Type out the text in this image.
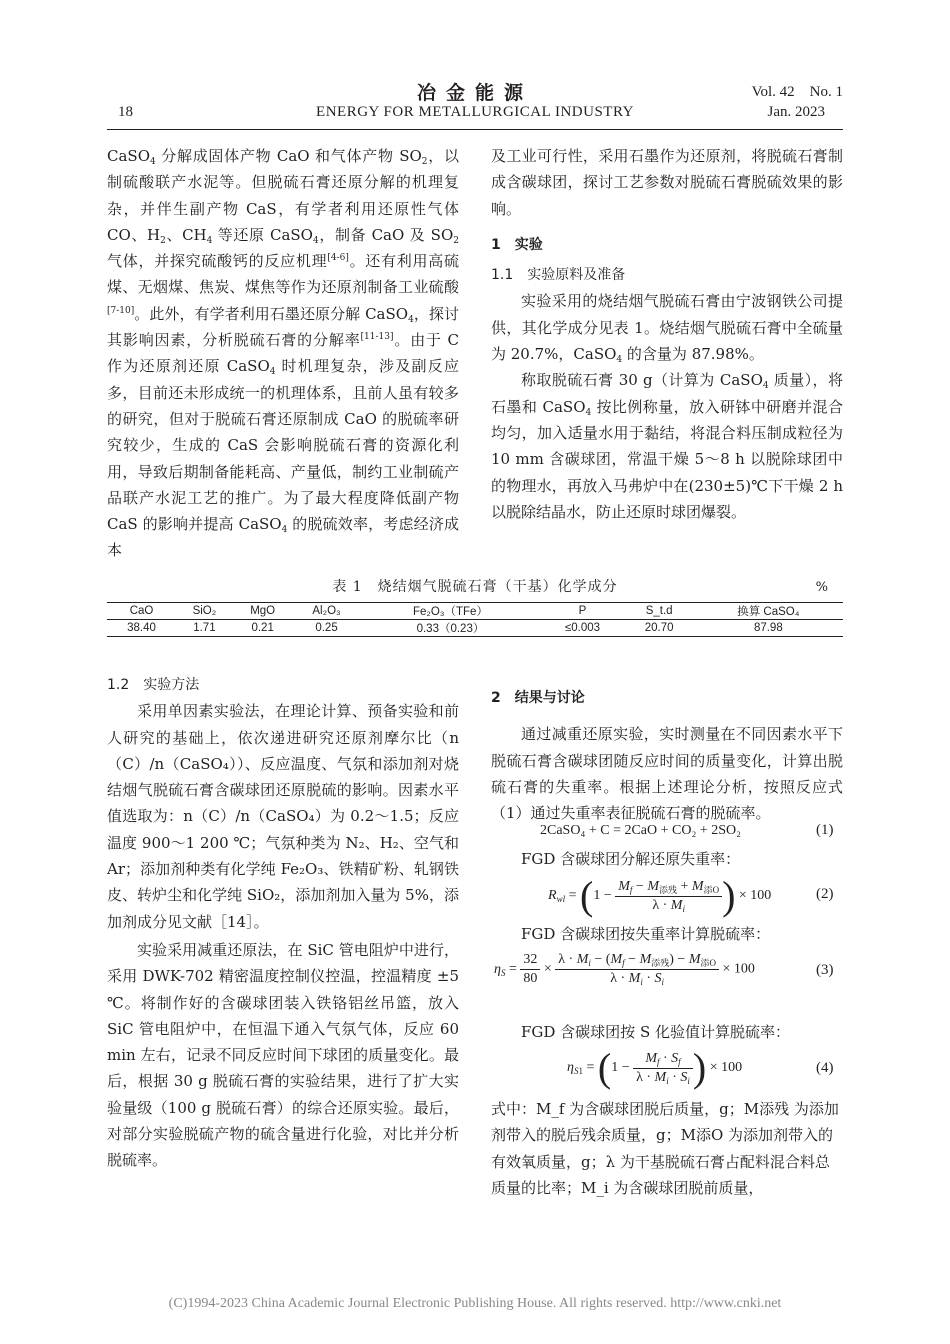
冶金能源	Vol. 42　 No. 1
18	ENERGY FOR METALLURGICAL INDUSTRY	Jan. 2023

CaSO$_4$ 分解成固体产物 CaO 和气体产物 $SO_2$，以制硫酸联产水泥等。但脱硫石膏还原分解的机理复杂，并伴生副产物 CaS，有学者利用还原性气体 CO、$H_2$、$CH_4$ 等还原 CaSO$_4$，制备 CaO 及 $SO_2$ 气体，并探究硫酸钙的反应机理[4-6]。还有利用高硫煤、无烟煤、焦炭、煤焦等作为还原剂制备工业硫酸[7-10]。此外，有学者利用石墨还原分解 CaSO$_4$，探讨其影响因素，分析脱硫石膏的分解率[11-13]。由于 C 作为还原剂还原 CaSO$_4$ 时机理复杂，涉及副反应多，目前还未形成统一的机理体系，且前人虽有较多的研究，但对于脱硫石膏还原制成 CaO 的脱硫率研究较少，生成的 CaS 会影响脱硫石膏的资源化利用，导致后期制备能耗高、产量低，制约工业制硫产品联产水泥工艺的推广。为了最大程度降低副产物 CaS 的影响并提高 CaSO$_4$ 的脱硫效率，考虑经济成本

及工业可行性，采用石墨作为还原剂，将脱硫石膏制成含碳球团，探讨工艺参数对脱硫石膏脱硫效果的影响。

1　实验

1.1　实验原料及准备

实验采用的烧结烟气脱硫石膏由宁波钢铁公司提供，其化学成分见表 1。烧结烟气脱硫石膏中全硫量为 20.7%，CaSO$_4$ 的含量为 87.98%。

称取脱硫石膏 30 g（计算为 CaSO$_4$ 质量），将石墨和 CaSO$_4$ 按比例称量，放入研钵中研磨并混合均匀，加入适量水用于黏结，将混合料压制成粒径为 10 mm 含碳球团，常温干燥 5～8 h 以脱除球团中的物理水，再放入马弗炉中在(230±5)℃下干燥 2 h 以脱除结晶水，防止还原时球团爆裂。

表 1　烧结烟气脱硫石膏（干基）化学成分	%
CaO	SiO₂	MgO	Al₂O₃	Fe₂O₃（TFe）	P	S_t.d	换算 CaSO₄
38.40	1.71	0.21	0.25	0.33（0.23）	≤0.003	20.70	87.98

1.2　实验方法

采用单因素实验法，在理论计算、预备实验和前人研究的基础上，依次递进研究还原剂摩尔比（n（C）/n（CaSO₄））、反应温度、气氛和添加剂对烧结烟气脱硫石膏含碳球团还原脱硫的影响。因素水平值选取为：n（C）/n（CaSO₄）为 0.2～1.5；反应温度 900～1 200 ℃；气氛种类为 N₂、H₂、空气和 Ar；添加剂种类有化学纯 Fe₂O₃、铁精矿粉、轧钢铁皮、转炉尘和化学纯 SiO₂，添加剂加入量为 5%，添加剂成分见文献［14］。

实验采用减重还原法，在 SiC 管电阻炉中进行，采用 DWK-702 精密温度控制仪控温，控温精度 ±5 ℃。将制作好的含碳球团装入铁铬铝丝吊篮，放入 SiC 管电阻炉中，在恒温下通入气氛气体，反应 60 min 左右，记录不同反应时间下球团的质量变化。最后，根据 30 g 脱硫石膏的实验结果，进行了扩大实验量级（100 g 脱硫石膏）的综合还原实验。最后，对部分实验脱硫产物的硫含量进行化验，对比并分析脱硫率。

2　结果与讨论

通过减重还原实验，实时测量在不同因素水平下脱硫石膏含碳球团随反应时间的质量变化，计算出脱硫石膏的失重率。根据上述理论分析，按照反应式（1）通过失重率表征脱硫石膏的脱硫率。

2CaSO₄ + C = 2CaO + CO₂ + 2SO₂	(1)
FGD 含碳球团分解还原失重率：
$R_{wl} = (1 - \frac{M_f - M_{添残} + M_{添O}}{\lambda \cdot M_i}$ ) × 100	(2)
FGD 含碳球团按失重率计算脱硫率：
$\eta_S = \frac{32}{80} \times \frac{\lambda \cdot M_i - (M_f - M_{添残}) - M_{添O}}{\lambda \cdot M_i \cdot S_i} \times 100$	(3)
FGD 含碳球团按 S 化验值计算脱硫率：
$\eta_{S1} = (1 - \frac{M_f \cdot S_f}{\lambda \cdot M_i \cdot S_i}$ ) × 100	(4)
式中：M_f 为含碳球团脱后质量，g；M添残 为添加剂带入的脱后残余质量，g；M添O 为添加剂带入的有效氧质量，g；λ 为干基脱硫石膏占配料混合料总质量的比率；M_i 为含碳球团脱前质量，
(C)1994-2023 China Academic Journal Electronic Publishing House. All rights reserved. http://www.cnki.net
